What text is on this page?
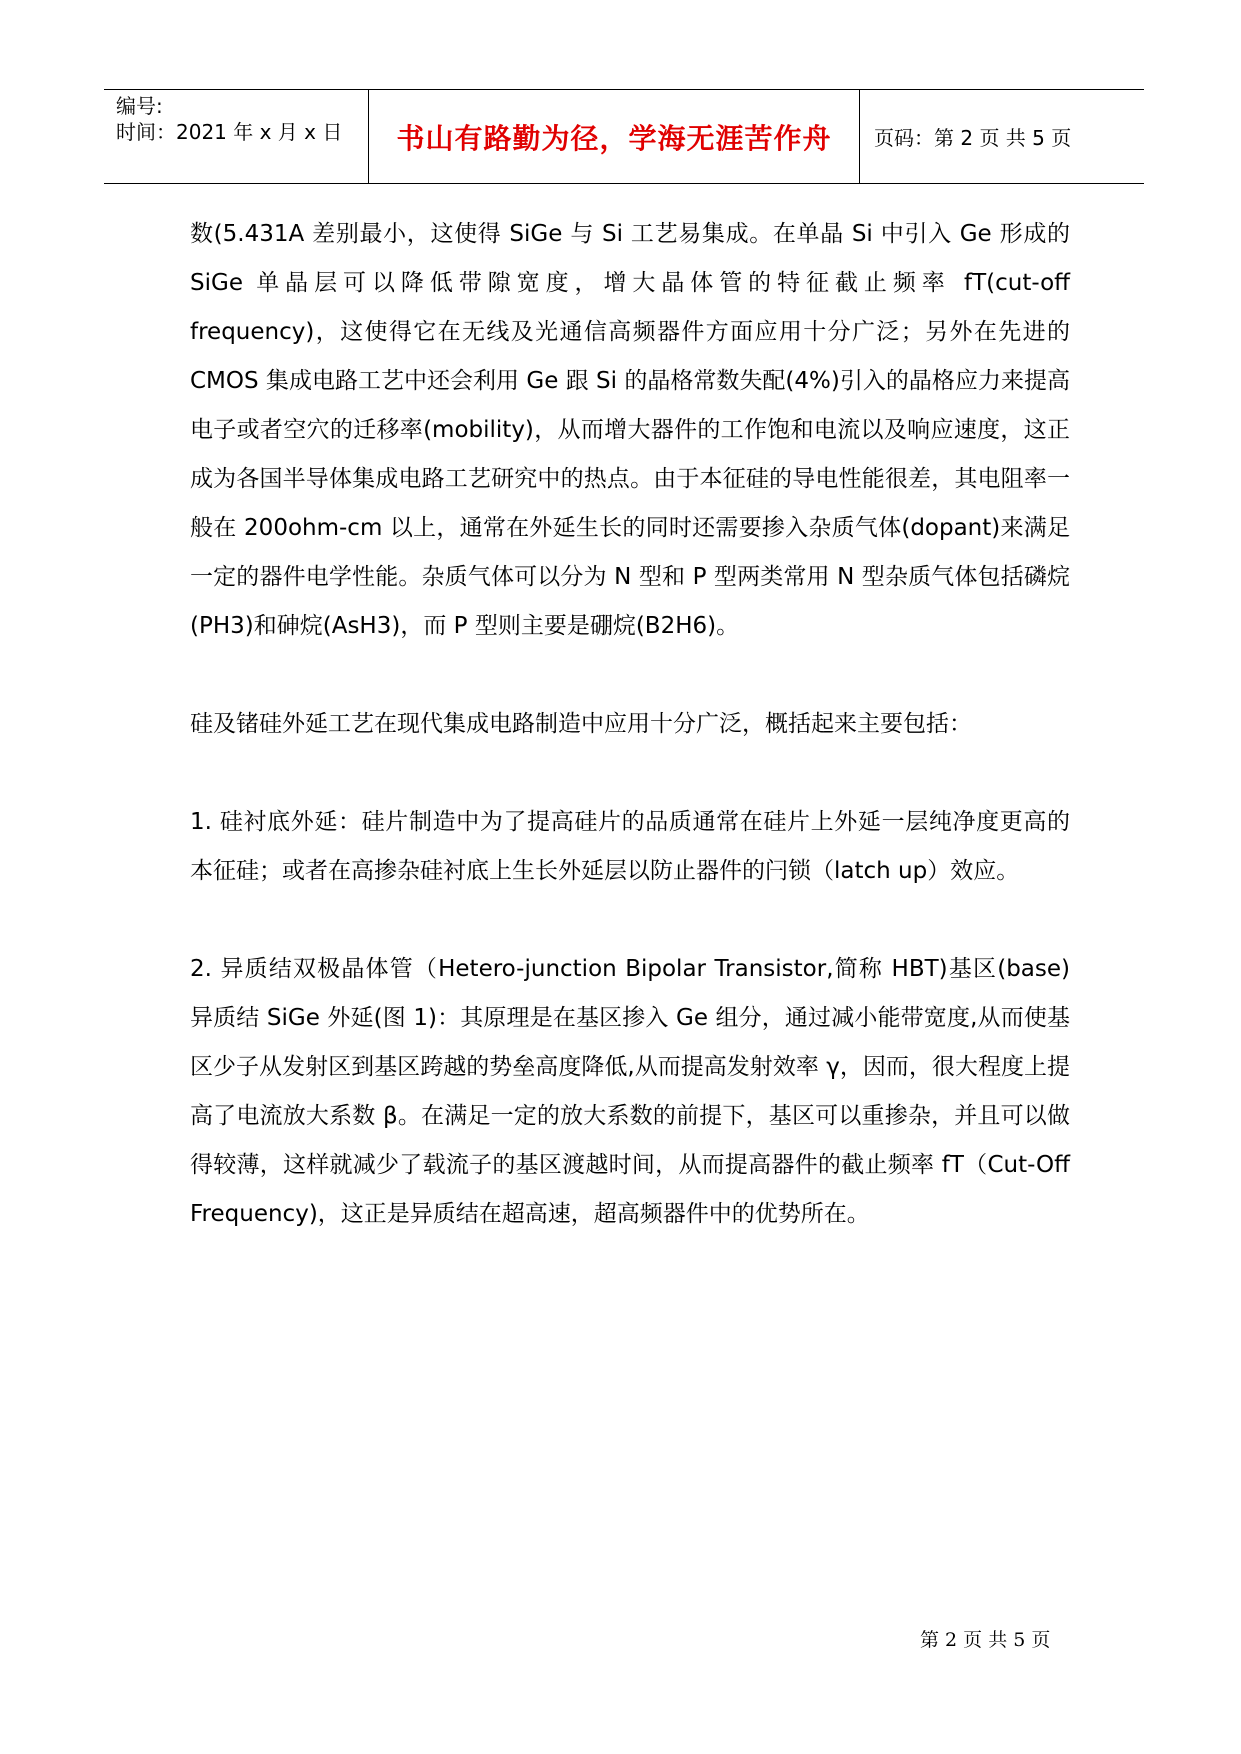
编号:
时间：2021 年 x 月 x 日 书山有路勤为径，学海无涯苦作舟 页码：第 2 页 共 5 页

数(5.431A 差别最小，这使得 SiGe 与 Si 工艺易集成。在单晶 Si 中引入 Ge 形成的 SiGe 单晶层可以降低带隙宽度，增大晶体管的特征截止频率 fT(cut-off frequency)，这使得它在无线及光通信高频器件方面应用十分广泛；另外在先进的 CMOS 集成电路工艺中还会利用 Ge 跟 Si 的晶格常数失配(4%)引入的晶格应力来提高电子或者空穴的迁移率(mobility)，从而增大器件的工作饱和电流以及响应速度，这正成为各国半导体集成电路工艺研究中的热点。由于本征硅的导电性能很差，其电阻率一般在 200ohm-cm 以上，通常在外延生长的同时还需要掺入杂质气体(dopant)来满足一定的器件电学性能。杂质气体可以分为 N 型和 P 型两类常用 N 型杂质气体包括磷烷(PH3)和砷烷(AsH3)，而 P 型则主要是硼烷(B2H6)。

硅及锗硅外延工艺在现代集成电路制造中应用十分广泛，概括起来主要包括：

1. 硅衬底外延：硅片制造中为了提高硅片的品质通常在硅片上外延一层纯净度更高的本征硅；或者在高掺杂硅衬底上生长外延层以防止器件的闩锁（latch up）效应。

2. 异质结双极晶体管（Hetero-junction Bipolar Transistor,简称 HBT)基区(base)异质结 SiGe 外延(图 1)：其原理是在基区掺入 Ge 组分，通过减小能带宽度,从而使基区少子从发射区到基区跨越的势垒高度降低,从而提高发射效率 γ，因而，很大程度上提高了电流放大系数 β。在满足一定的放大系数的前提下，基区可以重掺杂，并且可以做得较薄，这样就减少了载流子的基区渡越时间，从而提高器件的截止频率 fT（Cut-Off Frequency)，这正是异质结在超高速，超高频器件中的优势所在。

第 2 页 共 5 页
